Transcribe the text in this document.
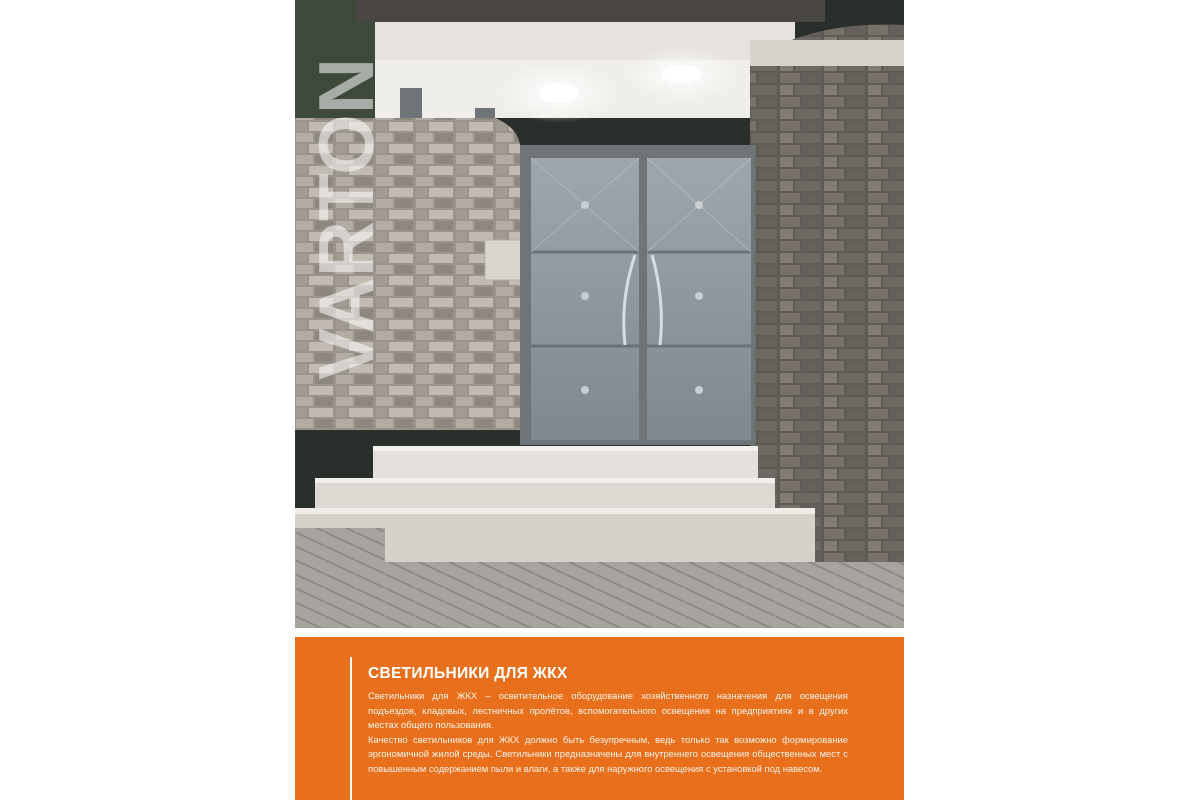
VARTON
СВЕТИЛЬНИКИ ДЛЯ ЖКХ

Светильники для ЖКХ – осветительное оборудование хозяйственного назначения для освещения подъездов, кладовых, лестничных пролётов, вспомогательного освещения на предприятиях и в других местах общего пользования.

Качество светильников для ЖКХ должно быть безупречным, ведь только так возможно формирование эргономичной жилой среды. Светильники предназначены для внутреннего освещения общественных мест с повышенным содержанием пыли и влаги, а также для наружного освещения с установкой под навесом.
